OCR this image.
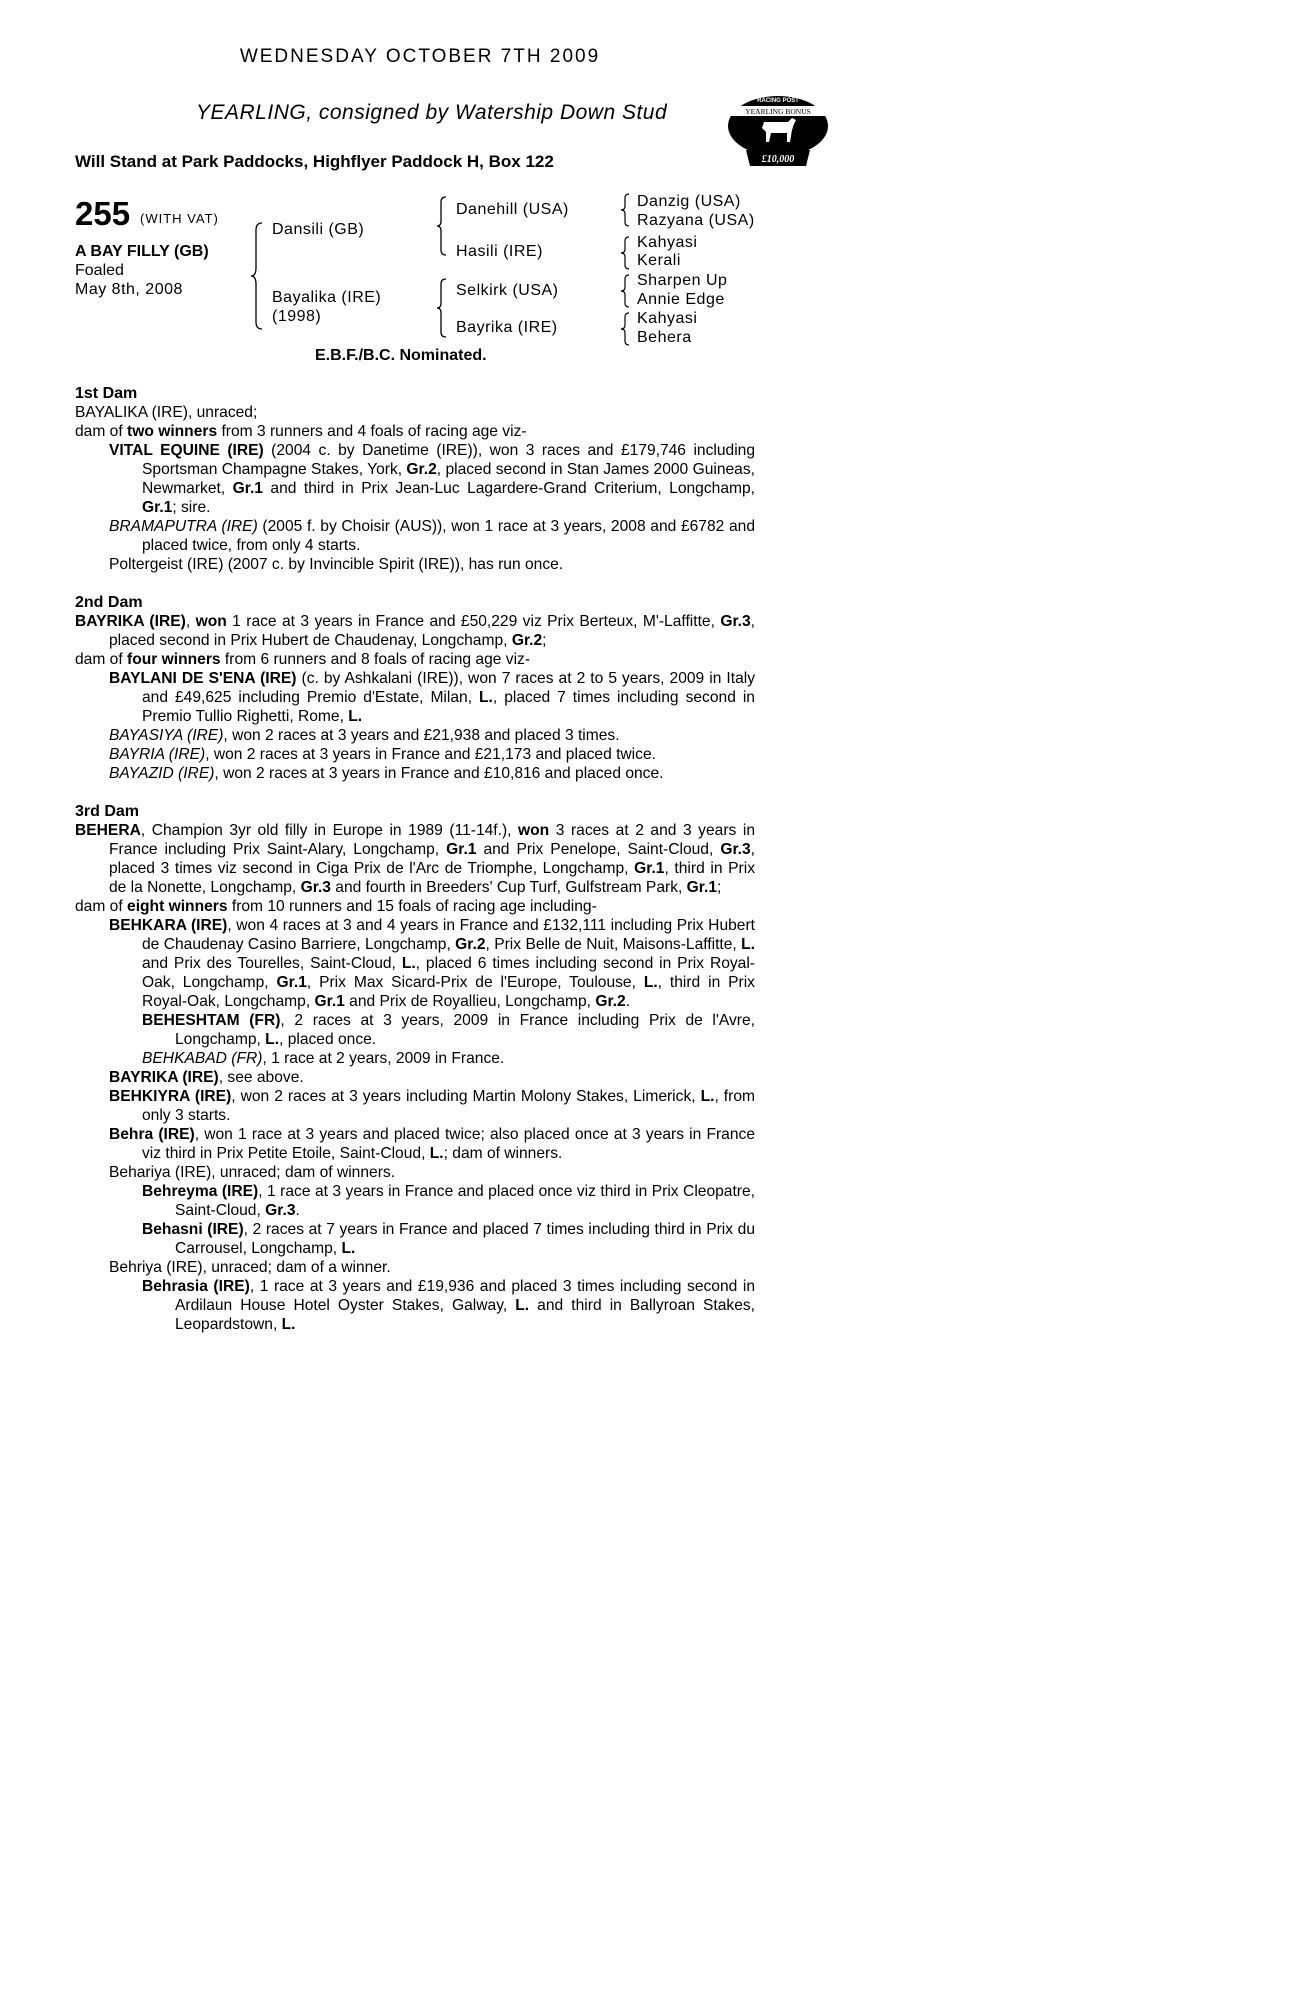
WEDNESDAY OCTOBER 7TH 2009
YEARLING, consigned by Watership Down Stud
Will Stand at Park Paddocks, Highflyer Paddock H, Box 122
RACING POST
YEARLING BONUS
£10,000
255 (WITH VAT)
A BAY FILLY (GB)
Foaled
May 8th, 2008
Dansili (GB)
Bayalika (IRE)
(1998)
Danehill (USA)
Hasili (IRE)
Selkirk (USA)
Bayrika (IRE)
Danzig (USA)
Razyana (USA)
Kahyasi
Kerali
Sharpen Up
Annie Edge
Kahyasi
Behera
E.B.F./B.C. Nominated.

1st Dam

BAYALIKA (IRE), unraced;

dam of two winners from 3 runners and 4 foals of racing age viz-

VITAL EQUINE (IRE) (2004 c. by Danetime (IRE)), won 3 races and £179,746 including Sportsman Champagne Stakes, York, Gr.2, placed second in Stan James 2000 Guineas, Newmarket, Gr.1 and third in Prix Jean-Luc Lagardere-Grand Criterium, Longchamp, Gr.1; sire.

BRAMAPUTRA (IRE) (2005 f. by Choisir (AUS)), won 1 race at 3 years, 2008 and £6782 and placed twice, from only 4 starts.

Poltergeist (IRE) (2007 c. by Invincible Spirit (IRE)), has run once.

2nd Dam

BAYRIKA (IRE), won 1 race at 3 years in France and £50,229 viz Prix Berteux, M'-Laffitte, Gr.3, placed second in Prix Hubert de Chaudenay, Longchamp, Gr.2;

dam of four winners from 6 runners and 8 foals of racing age viz-

BAYLANI DE S'ENA (IRE) (c. by Ashkalani (IRE)), won 7 races at 2 to 5 years, 2009 in Italy and £49,625 including Premio d'Estate, Milan, L., placed 7 times including second in Premio Tullio Righetti, Rome, L.

BAYASIYA (IRE), won 2 races at 3 years and £21,938 and placed 3 times.

BAYRIA (IRE), won 2 races at 3 years in France and £21,173 and placed twice.

BAYAZID (IRE), won 2 races at 3 years in France and £10,816 and placed once.

3rd Dam

BEHERA, Champion 3yr old filly in Europe in 1989 (11-14f.), won 3 races at 2 and 3 years in France including Prix Saint-Alary, Longchamp, Gr.1 and Prix Penelope, Saint-Cloud, Gr.3, placed 3 times viz second in Ciga Prix de l'Arc de Triomphe, Longchamp, Gr.1, third in Prix de la Nonette, Longchamp, Gr.3 and fourth in Breeders' Cup Turf, Gulfstream Park, Gr.1;

dam of eight winners from 10 runners and 15 foals of racing age including-

BEHKARA (IRE), won 4 races at 3 and 4 years in France and £132,111 including Prix Hubert de Chaudenay Casino Barriere, Longchamp, Gr.2, Prix Belle de Nuit, Maisons-Laffitte, L. and Prix des Tourelles, Saint-Cloud, L., placed 6 times including second in Prix Royal-Oak, Longchamp, Gr.1, Prix Max Sicard-Prix de l'Europe, Toulouse, L., third in Prix Royal-Oak, Longchamp, Gr.1 and Prix de Royallieu, Longchamp, Gr.2.

BEHESHTAM (FR), 2 races at 3 years, 2009 in France including Prix de l'Avre, Longchamp, L., placed once.

BEHKABAD (FR), 1 race at 2 years, 2009 in France.

BAYRIKA (IRE), see above.

BEHKIYRA (IRE), won 2 races at 3 years including Martin Molony Stakes, Limerick, L., from only 3 starts.

Behra (IRE), won 1 race at 3 years and placed twice; also placed once at 3 years in France viz third in Prix Petite Etoile, Saint-Cloud, L.; dam of winners.

Behariya (IRE), unraced; dam of winners.

Behreyma (IRE), 1 race at 3 years in France and placed once viz third in Prix Cleopatre, Saint-Cloud, Gr.3.

Behasni (IRE), 2 races at 7 years in France and placed 7 times including third in Prix du Carrousel, Longchamp, L.

Behriya (IRE), unraced; dam of a winner.

Behrasia (IRE), 1 race at 3 years and £19,936 and placed 3 times including second in Ardilaun House Hotel Oyster Stakes, Galway, L. and third in Ballyroan Stakes, Leopardstown, L.
